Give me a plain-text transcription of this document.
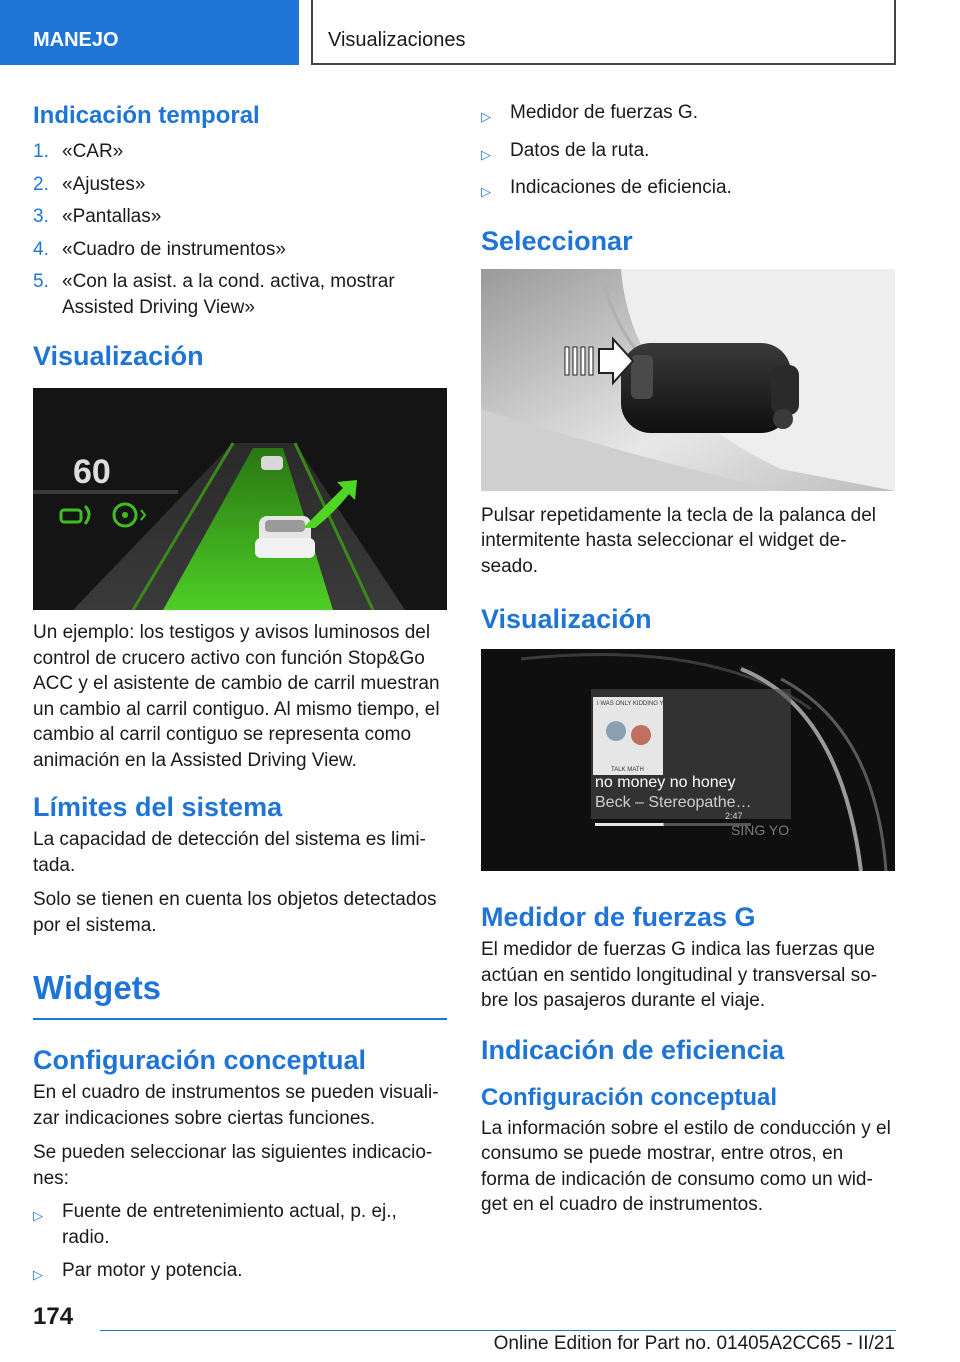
MANEJO	Visualizaciones
Indicación temporal
1. «CAR»
2. «Ajustes»
3. «Pantallas»
4. «Cuadro de instrumentos»
5. «Con la asist. a la cond. activa, mostrar Assisted Driving View»
Visualización
60

Un ejemplo: los testigos y avisos luminosos del control de crucero activo con función Stop&Go ACC y el asistente de cambio de carril muestran un cambio al carril contiguo. Al mismo tiempo, el cambio al carril contiguo se representa como animación en la Assisted Driving View.

Límites del sistema

La capacidad de detección del sistema es limi- tada.

Solo se tienen en cuenta los objetos detectados por el sistema.

Widgets
Configuración conceptual

En el cuadro de instrumentos se pueden visuali- zar indicaciones sobre ciertas funciones.

Se pueden seleccionar las siguientes indicacio- nes:

▷	Fuente de entretenimiento actual, p. ej., radio.
▷	Par motor y potencia.
▷	Medidor de fuerzas G.
▷	Datos de la ruta.
▷	Indicaciones de eficiencia.
Seleccionar

Pulsar repetidamente la tecla de la palanca del intermitente hasta seleccionar el widget de- seado.

Visualización
I WAS ONLY KIDDING YOU
TALK MATH
no money no honey
Beck – Stereopathe…
2:47
SING YO
Medidor de fuerzas G

El medidor de fuerzas G indica las fuerzas que actúan en sentido longitudinal y transversal so- bre los pasajeros durante el viaje.

Indicación de eficiencia
Configuración conceptual

La información sobre el estilo de conducción y el consumo se puede mostrar, entre otros, en forma de indicación de consumo como un wid- get en el cuadro de instrumentos.

174
Online Edition for Part no. 01405A2CC65 - II/21
